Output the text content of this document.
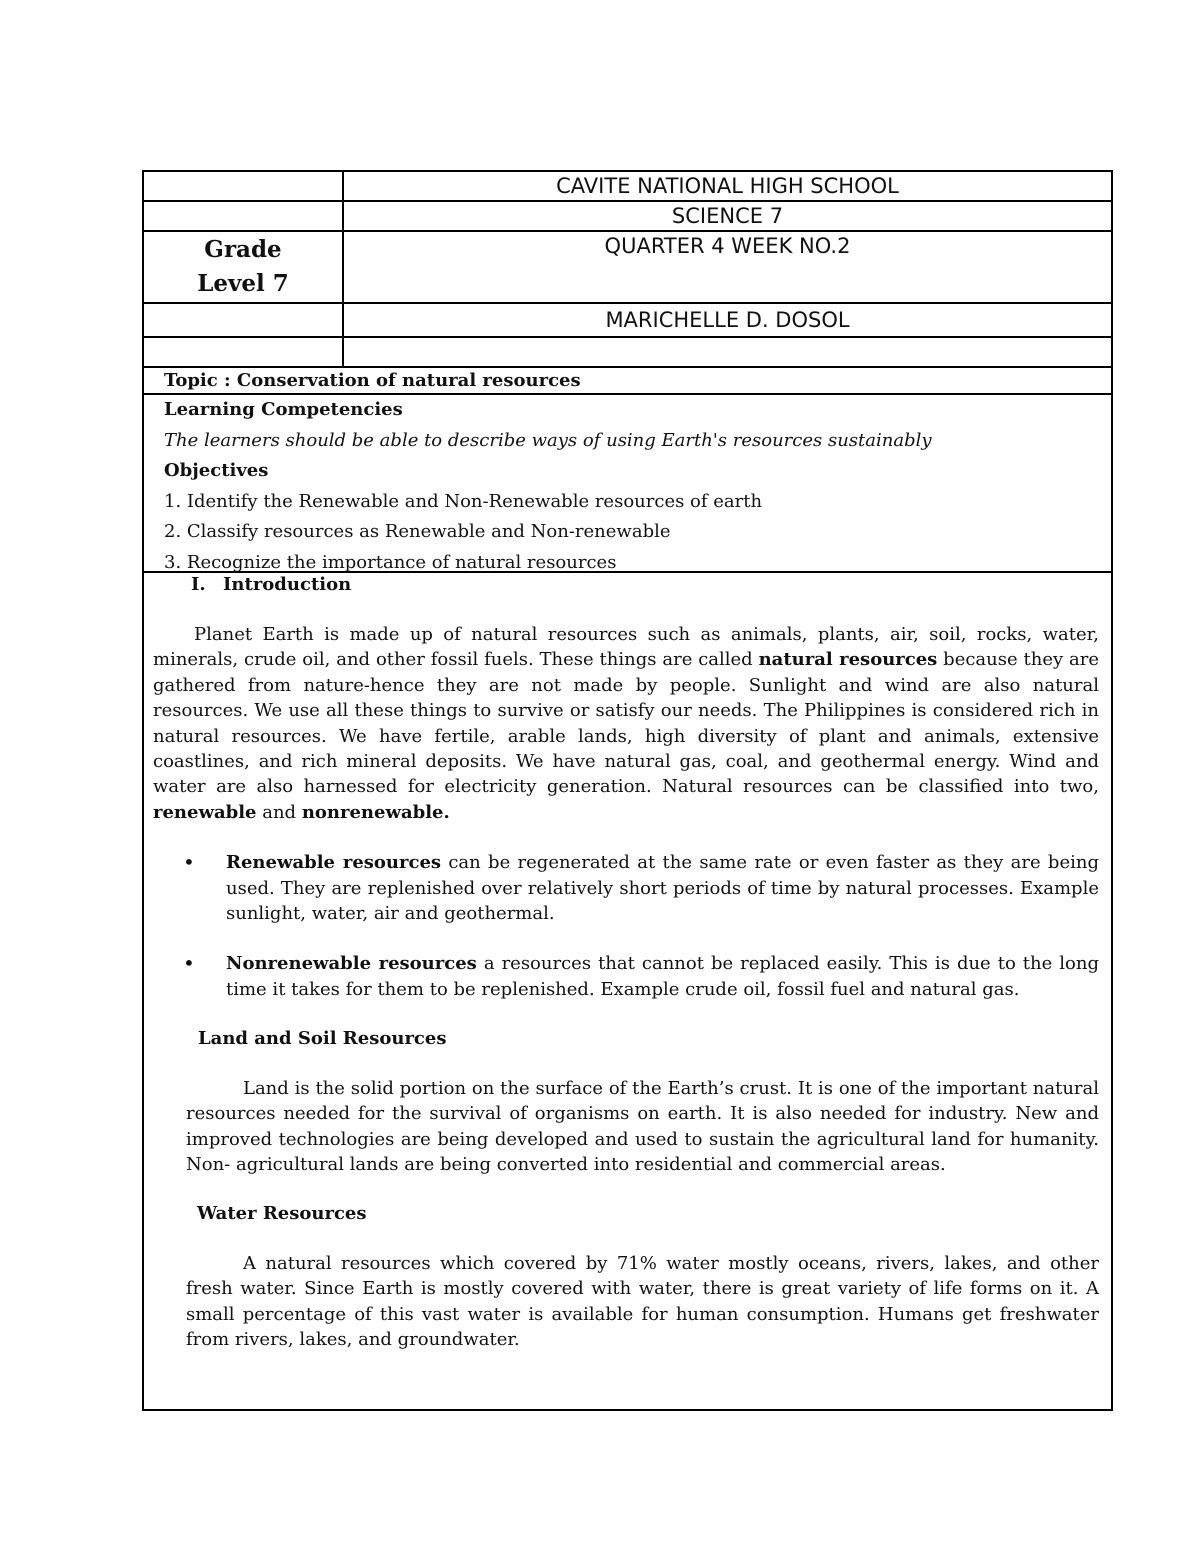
CAVITE NATIONAL HIGH SCHOOL
SCIENCE 7
Grade
Level 7
QUARTER 4 WEEK NO.2
MARICHELLE D. DOSOL
Topic : Conservation of natural resources
Learning Competencies
The learners should be able to describe ways of using Earth's resources sustainably
Objectives
1. Identify the Renewable and Non-Renewable resources of earth
2. Classify resources as Renewable and Non-renewable
3. Recognize the importance of natural resources
I. Introduction

Planet Earth is made up of natural resources such as animals, plants, air, soil, rocks, water, minerals, crude oil, and other fossil fuels. These things are called natural resources because they are gathered from nature-hence they are not made by people. Sunlight and wind are also natural resources. We use all these things to survive or satisfy our needs. The Philippines is considered rich in natural resources. We have fertile, arable lands, high diversity of plant and animals, extensive coastlines, and rich mineral deposits. We have natural gas, coal, and geothermal energy. Wind and water are also harnessed for electricity generation. Natural resources can be classified into two, renewable and nonrenewable.

•	Renewable resources can be regenerated at the same rate or even faster as they are being used. They are replenished over relatively short periods of time by natural processes. Example sunlight, water, air and geothermal.
•	Nonrenewable resources a resources that cannot be replaced easily. This is due to the long time it takes for them to be replenished. Example crude oil, fossil fuel and natural gas.
Land and Soil Resources

Land is the solid portion on the surface of the Earth’s crust. It is one of the important natural resources needed for the survival of organisms on earth. It is also needed for industry. New and improved technologies are being developed and used to sustain the agricultural land for humanity. Non- agricultural lands are being converted into residential and commercial areas.

Water Resources

A natural resources which covered by 71% water mostly oceans, rivers, lakes, and other fresh water. Since Earth is mostly covered with water, there is great variety of life forms on it. A small percentage of this vast water is available for human consumption. Humans get freshwater from rivers, lakes, and groundwater.
